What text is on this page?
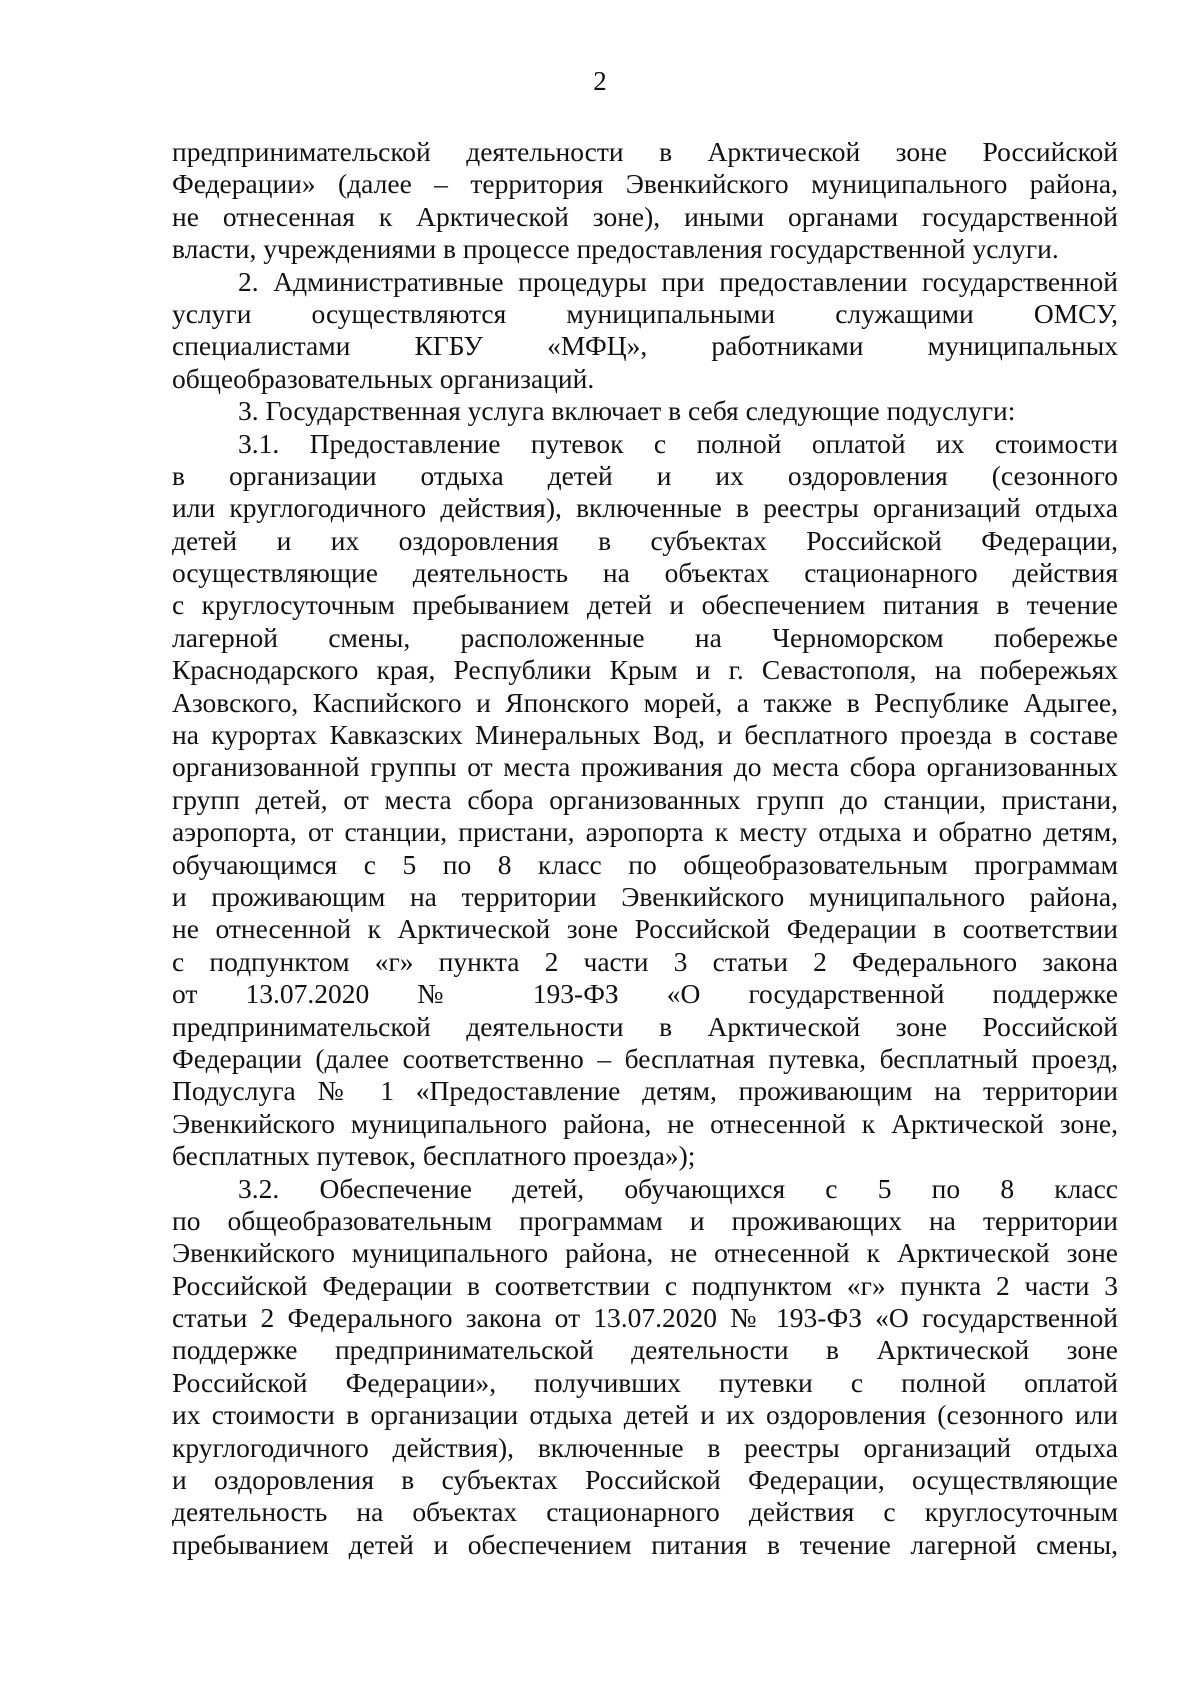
2
предпринимательской деятельности в Арктической зоне Российской
Федерации» (далее – территория Эвенкийского муниципального района,
не отнесенная к Арктической зоне), иными органами государственной
власти, учреждениями в процессе предоставления государственной услуги.
2. Административные процедуры при предоставлении государственной
услуги осуществляются муниципальными служащими ОМСУ,
специалистами КГБУ «МФЦ», работниками муниципальных
общеобразовательных организаций.
3. Государственная услуга включает в себя следующие подуслуги:
3.1. Предоставление путевок с полной оплатой их стоимости
в организации отдыха детей и их оздоровления (сезонного
или круглогодичного действия), включенные в реестры организаций отдыха
детей и их оздоровления в субъектах Российской Федерации,
осуществляющие деятельность на объектах стационарного действия
с круглосуточным пребыванием детей и обеспечением питания в течение
лагерной смены, расположенные на Черноморском побережье
Краснодарского края, Республики Крым и г. Севастополя, на побережьях
Азовского, Каспийского и Японского морей, а также в Республике Адыгее,
на курортах Кавказских Минеральных Вод, и бесплатного проезда в составе
организованной группы от места проживания до места сбора организованных
групп детей, от места сбора организованных групп до станции, пристани,
аэропорта, от станции, пристани, аэропорта к месту отдыха и обратно детям,
обучающимся с 5 по 8 класс по общеобразовательным программам
и проживающим на территории Эвенкийского муниципального района,
не отнесенной к Арктической зоне Российской Федерации в соответствии
с подпунктом «г» пункта 2 части 3 статьи 2 Федерального закона
от 13.07.2020 № 193-ФЗ «О государственной поддержке
предпринимательской деятельности в Арктической зоне Российской
Федерации (далее соответственно – бесплатная путевка, бесплатный проезд,
Подуслуга № 1 «Предоставление детям, проживающим на территории
Эвенкийского муниципального района, не отнесенной к Арктической зоне,
бесплатных путевок, бесплатного проезда»);
3.2. Обеспечение детей, обучающихся с 5 по 8 класс
по общеобразовательным программам и проживающих на территории
Эвенкийского муниципального района, не отнесенной к Арктической зоне
Российской Федерации в соответствии с подпунктом «г» пункта 2 части 3
статьи 2 Федерального закона от 13.07.2020 № 193-ФЗ «О государственной
поддержке предпринимательской деятельности в Арктической зоне
Российской Федерации», получивших путевки с полной оплатой
их стоимости в организации отдыха детей и их оздоровления (сезонного или
круглогодичного действия), включенные в реестры организаций отдыха
и оздоровления в субъектах Российской Федерации, осуществляющие
деятельность на объектах стационарного действия с круглосуточным
пребыванием детей и обеспечением питания в течение лагерной смены,
